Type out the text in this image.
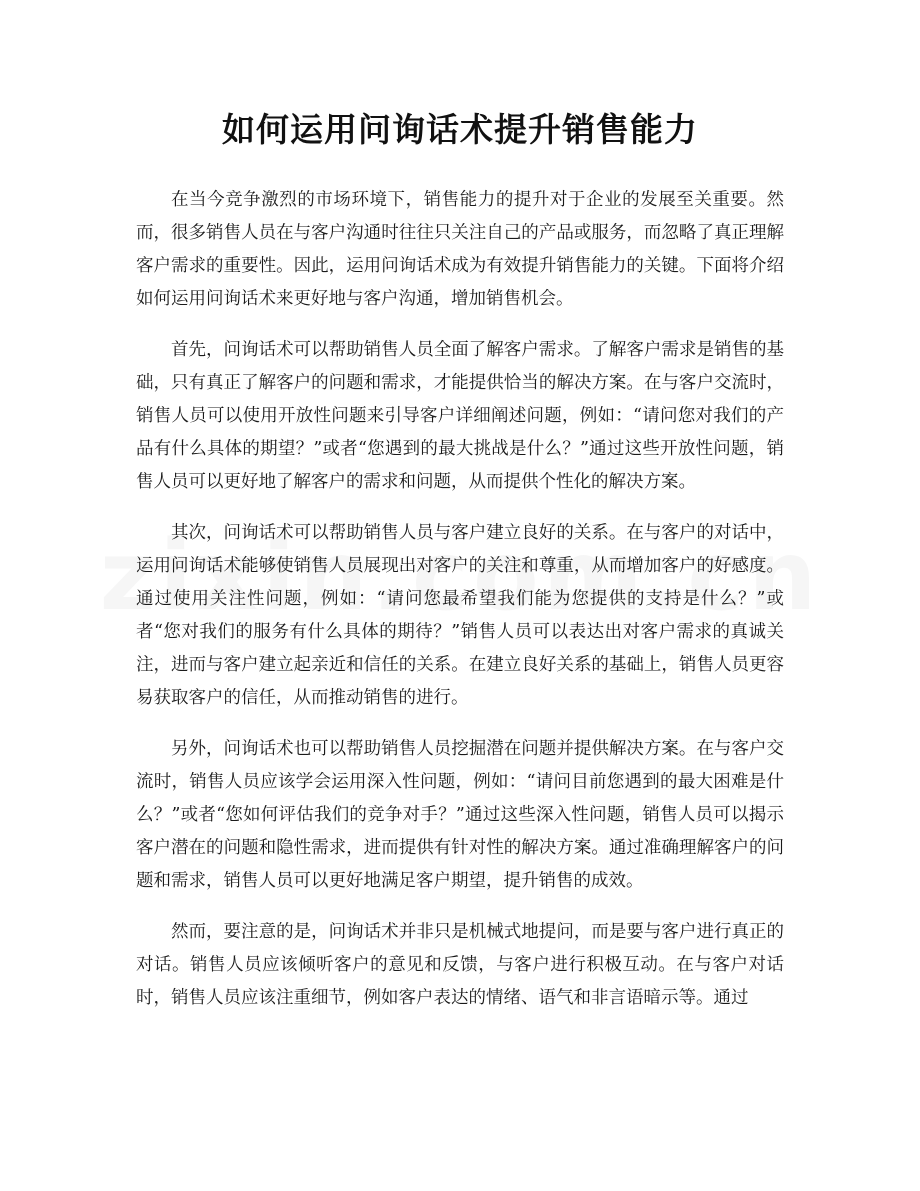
如何运用问询话术提升销售能力

在当今竞争激烈的市场环境下，销售能力的提升对于企业的发展至关重要。然而，很多销售人员在与客户沟通时往往只关注自己的产品或服务，而忽略了真正理解客户需求的重要性。因此，运用问询话术成为有效提升销售能力的关键。下面将介绍如何运用问询话术来更好地与客户沟通，增加销售机会。

首先，问询话术可以帮助销售人员全面了解客户需求。了解客户需求是销售的基础，只有真正了解客户的问题和需求，才能提供恰当的解决方案。在与客户交流时，销售人员可以使用开放性问题来引导客户详细阐述问题，例如：“请问您对我们的产品有什么具体的期望？”或者“您遇到的最大挑战是什么？”通过这些开放性问题，销售人员可以更好地了解客户的需求和问题，从而提供个性化的解决方案。

其次，问询话术可以帮助销售人员与客户建立良好的关系。在与客户的对话中，运用问询话术能够使销售人员展现出对客户的关注和尊重，从而增加客户的好感度。通过使用关注性问题，例如：“请问您最希望我们能为您提供的支持是什么？”或者“您对我们的服务有什么具体的期待？”销售人员可以表达出对客户需求的真诚关注，进而与客户建立起亲近和信任的关系。在建立良好关系的基础上，销售人员更容易获取客户的信任，从而推动销售的进行。

另外，问询话术也可以帮助销售人员挖掘潜在问题并提供解决方案。在与客户交流时，销售人员应该学会运用深入性问题，例如：“请问目前您遇到的最大困难是什么？”或者“您如何评估我们的竞争对手？”通过这些深入性问题，销售人员可以揭示客户潜在的问题和隐性需求，进而提供有针对性的解决方案。通过准确理解客户的问题和需求，销售人员可以更好地满足客户期望，提升销售的成效。

然而，要注意的是，问询话术并非只是机械式地提问，而是要与客户进行真正的对话。销售人员应该倾听客户的意见和反馈，与客户进行积极互动。在与客户对话时，销售人员应该注重细节，例如客户表达的情绪、语气和非言语暗示等。通过
